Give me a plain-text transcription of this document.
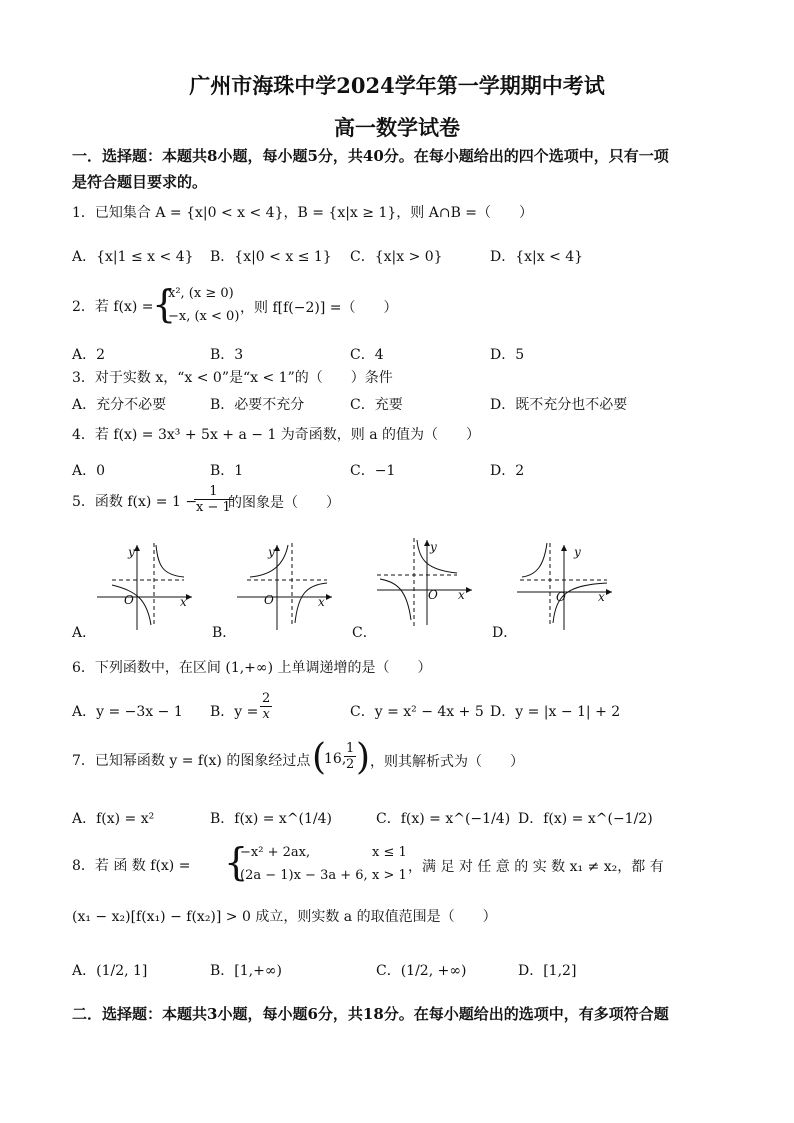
广州市海珠中学2024学年第一学期期中考试
高一数学试卷
一．选择题：本题共8小题，每小题5分，共40分。在每小题给出的四个选项中，只有一项
是符合题目要求的。
1．已知集合 A = {x|0 < x < 4}，B = {x|x ≥ 1}，则 A∩B =（　　）
A．{x|1 ≤ x < 4} B．{x|0 < x ≤ 1} C．{x|x > 0}	D．{x|x < 4}
2．若 f(x) =
{
x², (x ≥ 0)
−x, (x < 0)
，则 f[f(−2)] =（　　）
A．2	B．3	C．4	D．5
3．对于实数 x，“x < 0”是“x < 1”的（　　）条件
A．充分不必要	B．必要不充分	C．充要	D．既不充分也不必要
4．若 f(x) = 3x³ + 5x + a − 1 为奇函数，则 a 的值为（　　）
A．0	B．1	C．−1	D．2
5．函数 f(x) = 1 −
$\frac{1}{x - 1}$
的图象是（　　）
y
x
O
A．
y
x
O
B．
y
x
O
C．
y
x
O
D．
6．下列函数中，在区间 (1,+∞) 上单调递增的是（　　）
A．y = −3x − 1 B．$y = \frac{2}{x}$	C．y = x² − 4x + 5 D．y = |x − 1| + 2
7．已知幂函数 y = f(x) 的图象经过点 (
16,
$\frac{1}{2}$ ) ，则其解析式为（　　）
A．f(x) = x²	B．f(x) = x^(1/4)	C．f(x) = x^(−1/4) D．f(x) = x^(−1/2)
8．若 函 数 f(x) = {
−x² + 2ax,	x ≤ 1
(2a − 1)x − 3a + 6, x > 1
，满 足 对 任 意 的 实 数 x₁ ≠ x₂，都 有
(x₁ − x₂)[f(x₁) − f(x₂)] > 0 成立，则实数 a 的取值范围是（　　）
A．(1/2, 1]	B．[1,+∞)	C．(1/2, +∞)	D．[1,2]
二．选择题：本题共3小题，每小题6分，共18分。在每小题给出的选项中，有多项符合题
